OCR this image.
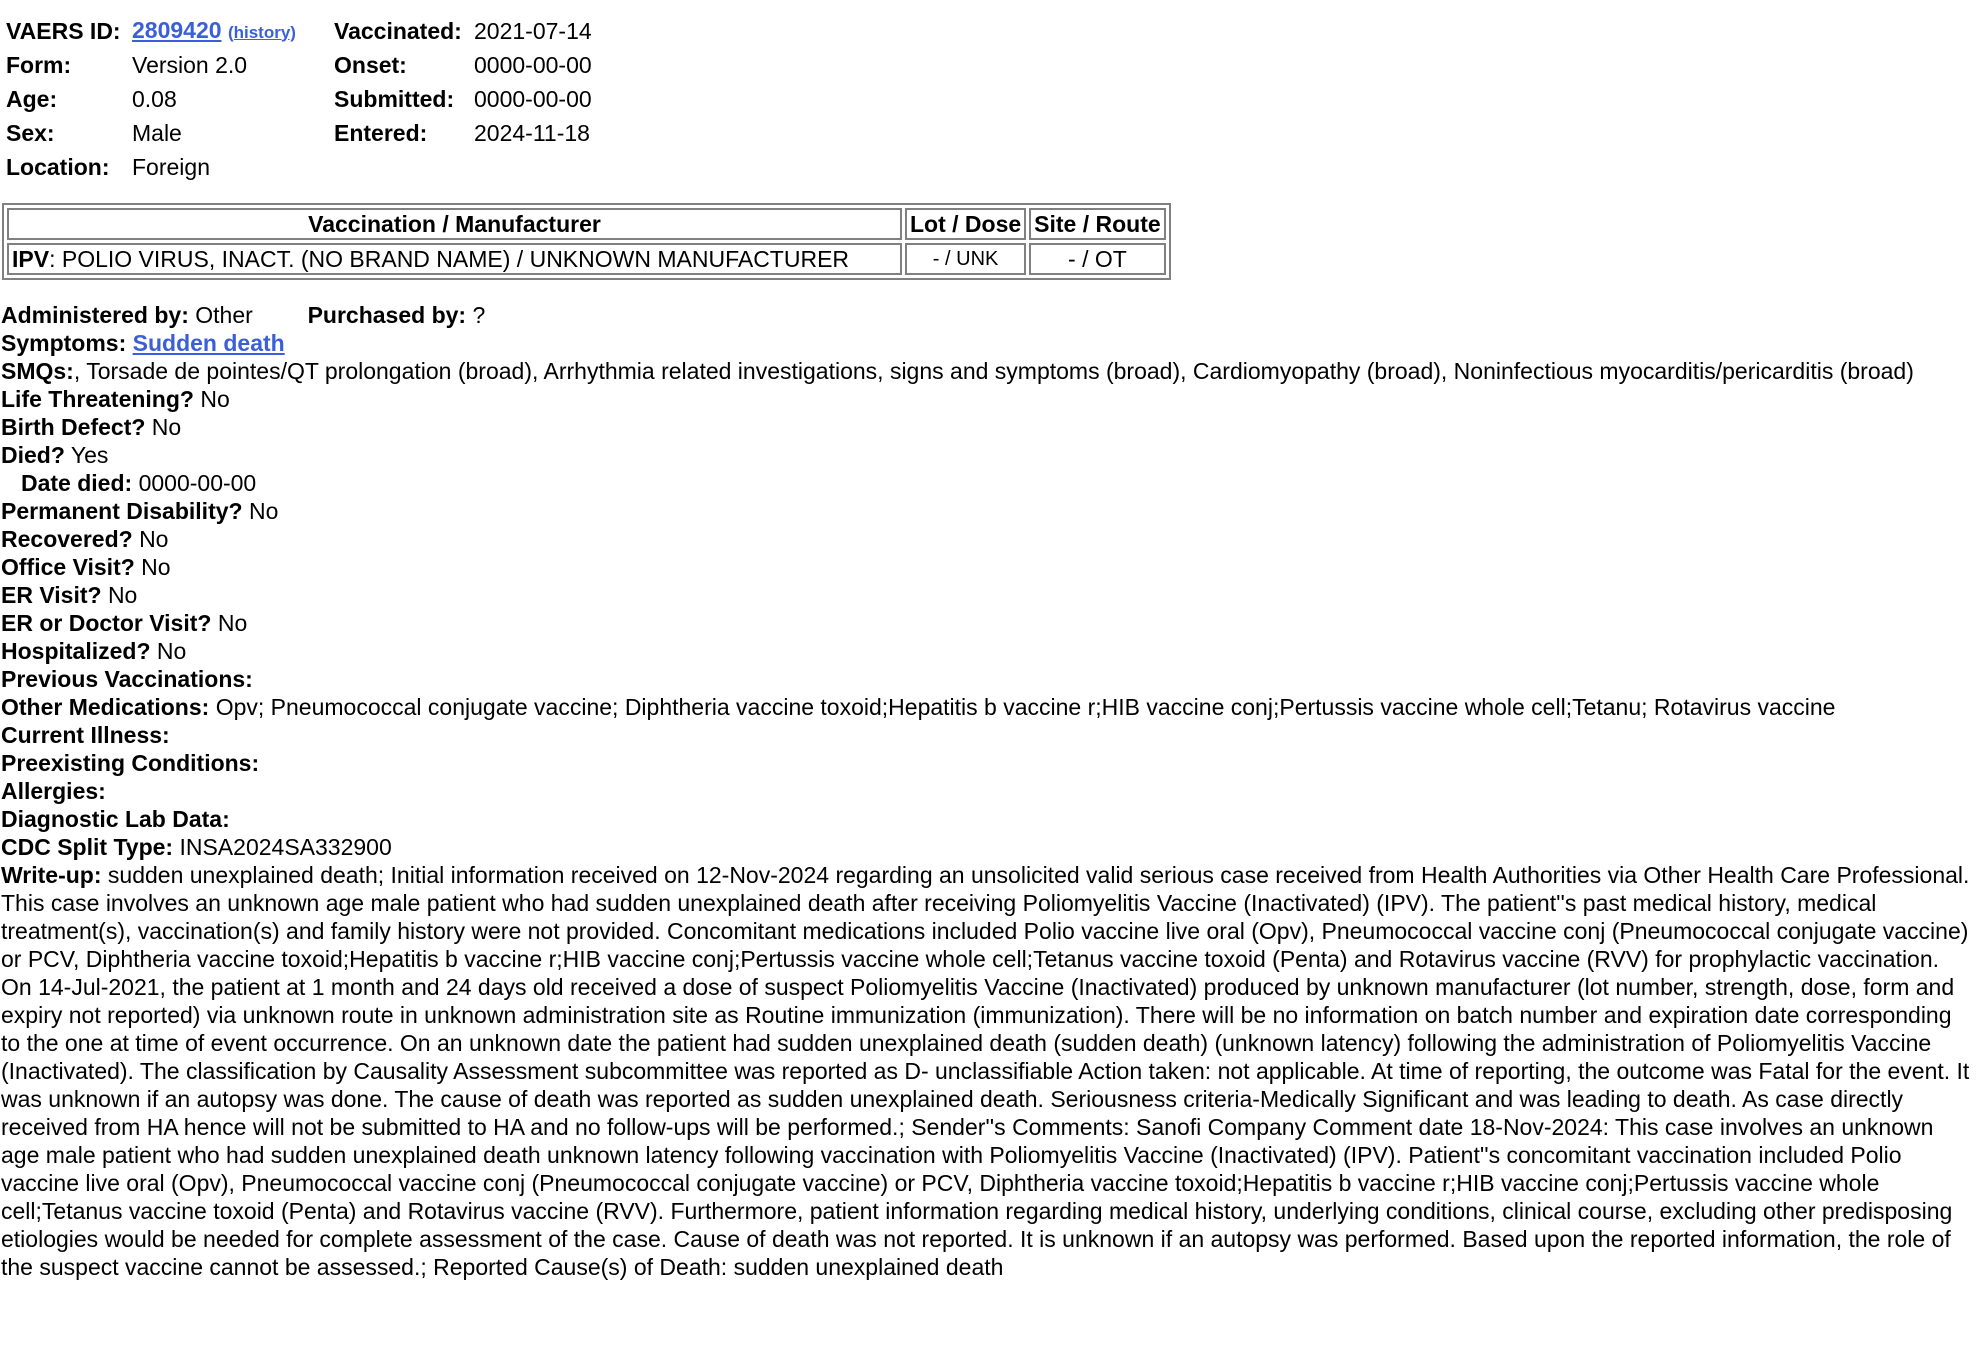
VAERS ID:	2809420 (history)	Vaccinated:	2021-07-14
Form:	Version 2.0	Onset:	0000-00-00
Age:	0.08	Submitted:	0000-00-00
Sex:	Male	Entered:	2024-11-18
Location:	Foreign		
Vaccination / Manufacturer	Lot / Dose	Site / Route
IPV: POLIO VIRUS, INACT. (NO BRAND NAME) / UNKNOWN MANUFACTURER	- / UNK	- / OT
Administered by: Other Purchased by: ?
Symptoms: Sudden death
SMQs:, Torsade de pointes/QT prolongation (broad), Arrhythmia related investigations, signs and symptoms (broad), Cardiomyopathy (broad), Noninfectious myocarditis/pericarditis (broad)
Life Threatening? No
Birth Defect? No
Died? Yes
Date died: 0000-00-00
Permanent Disability? No
Recovered? No
Office Visit? No
ER Visit? No
ER or Doctor Visit? No
Hospitalized? No
Previous Vaccinations:
Other Medications: Opv; Pneumococcal conjugate vaccine; Diphtheria vaccine toxoid;Hepatitis b vaccine r;HIB vaccine conj;Pertussis vaccine whole cell;Tetanu; Rotavirus vaccine
Current Illness:
Preexisting Conditions:
Allergies:
Diagnostic Lab Data:
CDC Split Type: INSA2024SA332900
Write-up: sudden unexplained death; Initial information received on 12-Nov-2024 regarding an unsolicited valid serious case received from Health Authorities via Other Health Care Professional. This case involves an unknown age male patient who had sudden unexplained death after receiving Poliomyelitis Vaccine (Inactivated) (IPV). The patient''s past medical history, medical treatment(s), vaccination(s) and family history were not provided. Concomitant medications included Polio vaccine live oral (Opv), Pneumococcal vaccine conj (Pneumococcal conjugate vaccine) or PCV, Diphtheria vaccine toxoid;Hepatitis b vaccine r;HIB vaccine conj;Pertussis vaccine whole cell;Tetanus vaccine toxoid (Penta) and Rotavirus vaccine (RVV) for prophylactic vaccination. On 14-Jul-2021, the patient at 1 month and 24 days old received a dose of suspect Poliomyelitis Vaccine (Inactivated) produced by unknown manufacturer (lot number, strength, dose, form and expiry not reported) via unknown route in unknown administration site as Routine immunization (immunization). There will be no information on batch number and expiration date corresponding to the one at time of event occurrence. On an unknown date the patient had sudden unexplained death (sudden death) (unknown latency) following the administration of Poliomyelitis Vaccine (Inactivated). The classification by Causality Assessment subcommittee was reported as D- unclassifiable Action taken: not applicable. At time of reporting, the outcome was Fatal for the event. It was unknown if an autopsy was done. The cause of death was reported as sudden unexplained death. Seriousness criteria-Medically Significant and was leading to death. As case directly received from HA hence will not be submitted to HA and no follow-ups will be performed.; Sender''s Comments: Sanofi Company Comment date 18-Nov-2024: This case involves an unknown age male patient who had sudden unexplained death unknown latency following vaccination with Poliomyelitis Vaccine (Inactivated) (IPV). Patient''s concomitant vaccination included Polio vaccine live oral (Opv), Pneumococcal vaccine conj (Pneumococcal conjugate vaccine) or PCV, Diphtheria vaccine toxoid;Hepatitis b vaccine r;HIB vaccine conj;Pertussis vaccine whole cell;Tetanus vaccine toxoid (Penta) and Rotavirus vaccine (RVV). Furthermore, patient information regarding medical history, underlying conditions, clinical course, excluding other predisposing etiologies would be needed for complete assessment of the case. Cause of death was not reported. It is unknown if an autopsy was performed. Based upon the reported information, the role of the suspect vaccine cannot be assessed.; Reported Cause(s) of Death: sudden unexplained death
